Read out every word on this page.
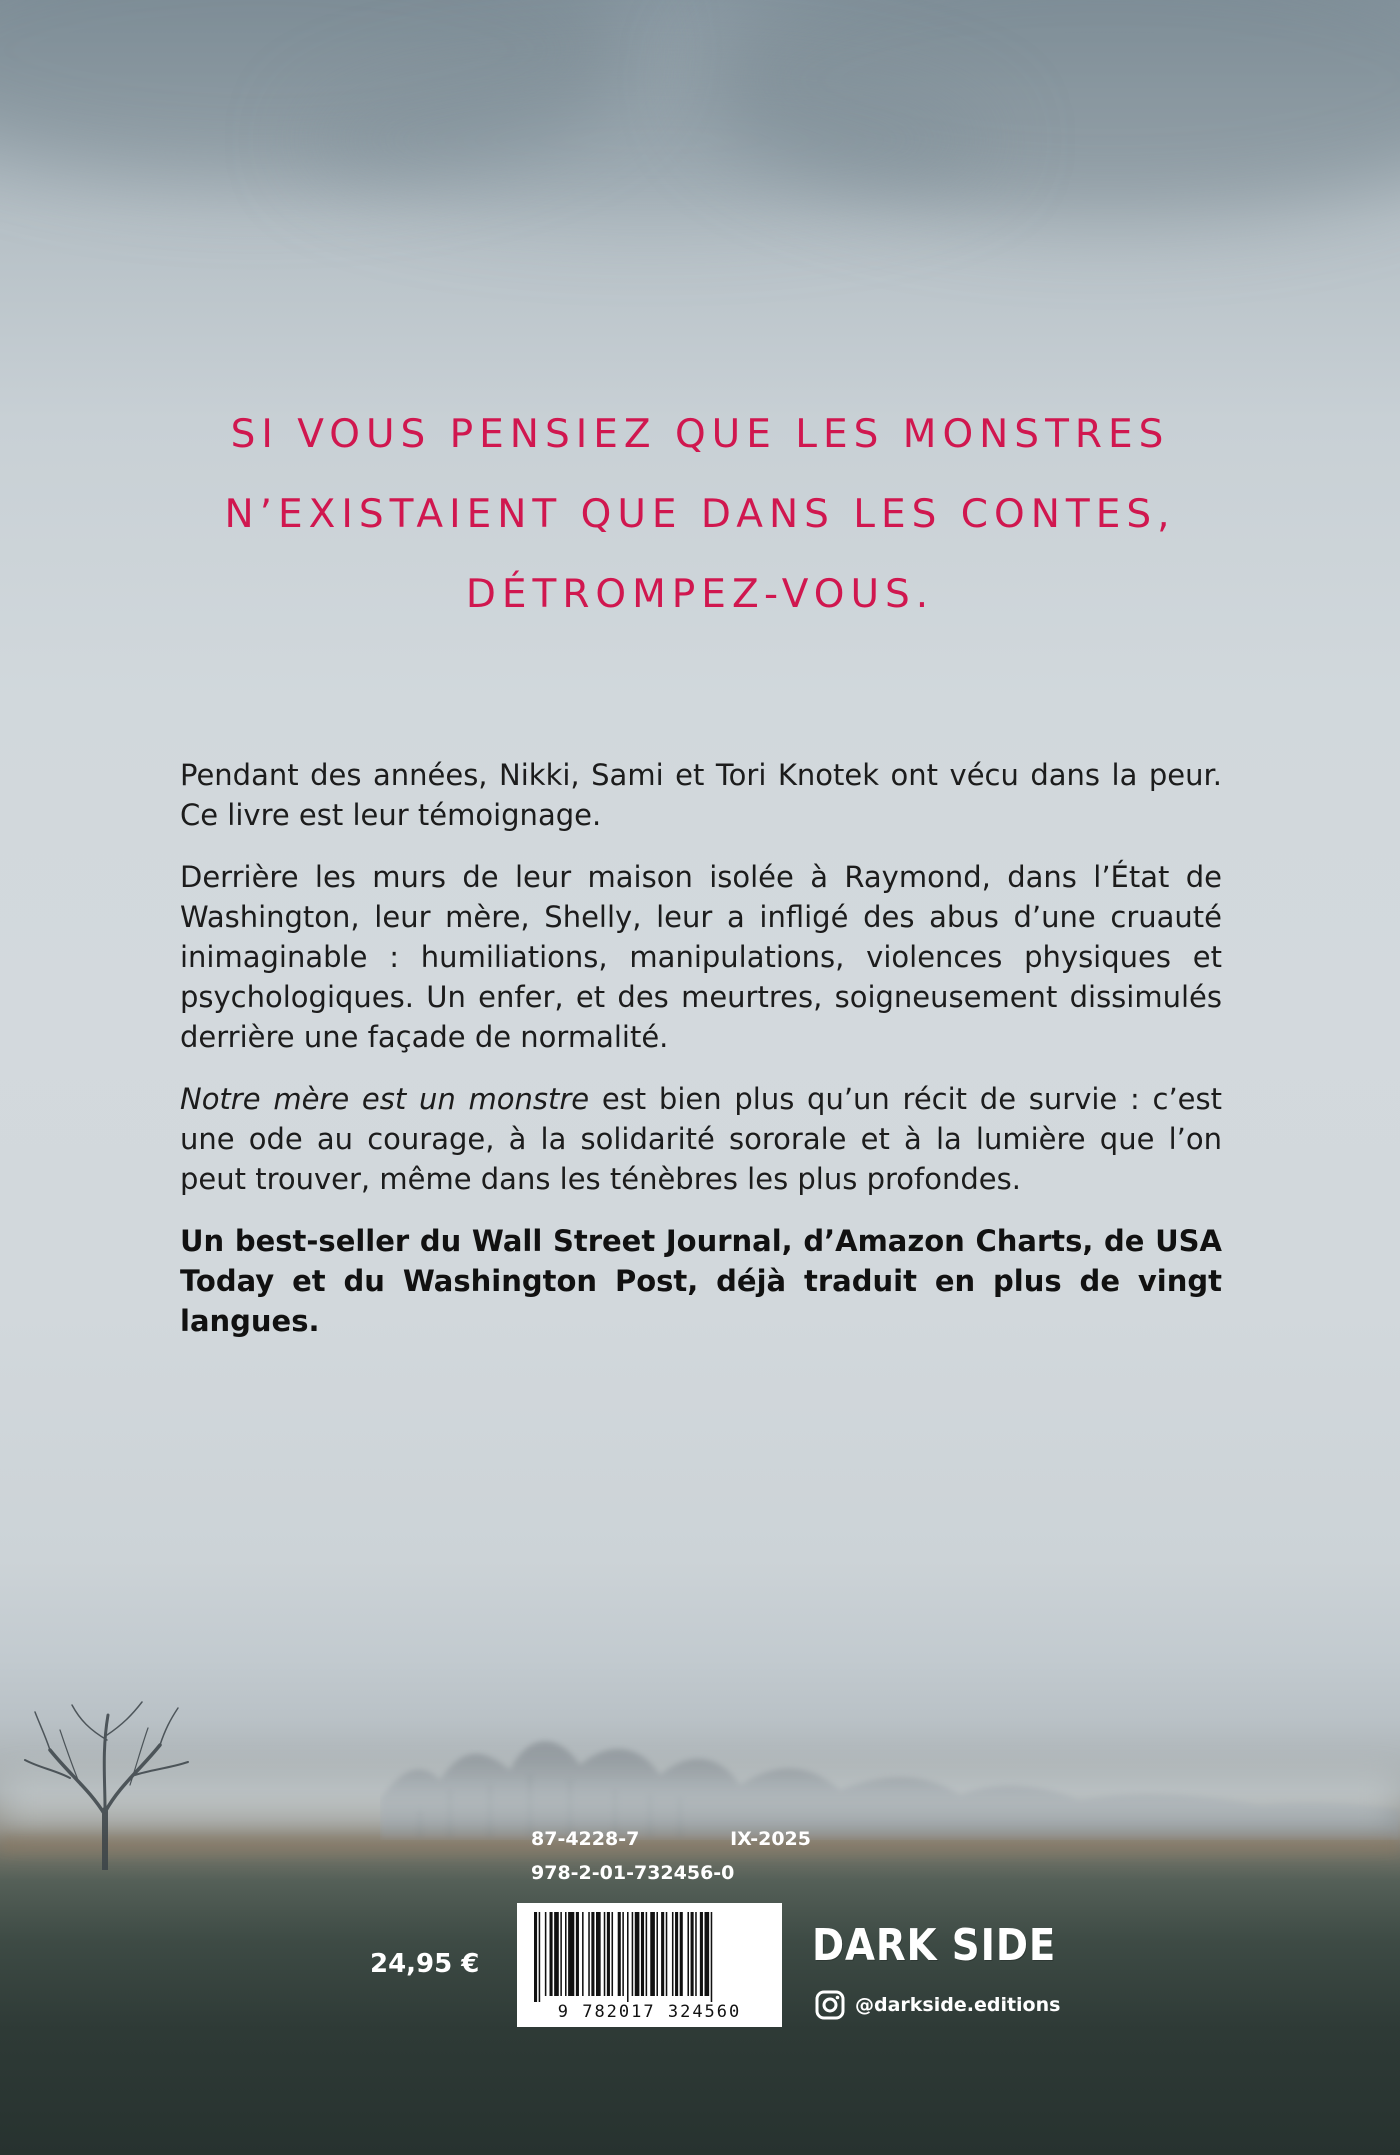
SI VOUS PENSIEZ QUE LES MONSTRES
N’EXISTAIENT QUE DANS LES CONTES,
DÉTROMPEZ-VOUS.

Pendant des années, Nikki, Sami et Tori Knotek ont vécu dans la peur. Ce livre est leur témoignage.

Derrière les murs de leur maison isolée à Raymond, dans l’État de Washington, leur mère, Shelly, leur a infligé des abus d’une cruauté inimaginable : humiliations, manipulations, violences physiques et psychologiques. Un enfer, et des meurtres, soigneusement dissimulés derrière une façade de normalité.

Notre mère est un monstre est bien plus qu’un récit de survie : c’est une ode au courage, à la solidarité sororale et à la lumière que l’on peut trouver, même dans les ténèbres les plus profondes.

Un best-seller du Wall Street Journal, d’Amazon Charts, de USA Today et du Washington Post, déjà traduit en plus de vingt langues.

87-4228-7	IX-2025
978-2-01-732456-0
24,95 €
9 782017 324560
DARK SIDE
@darkside.editions
